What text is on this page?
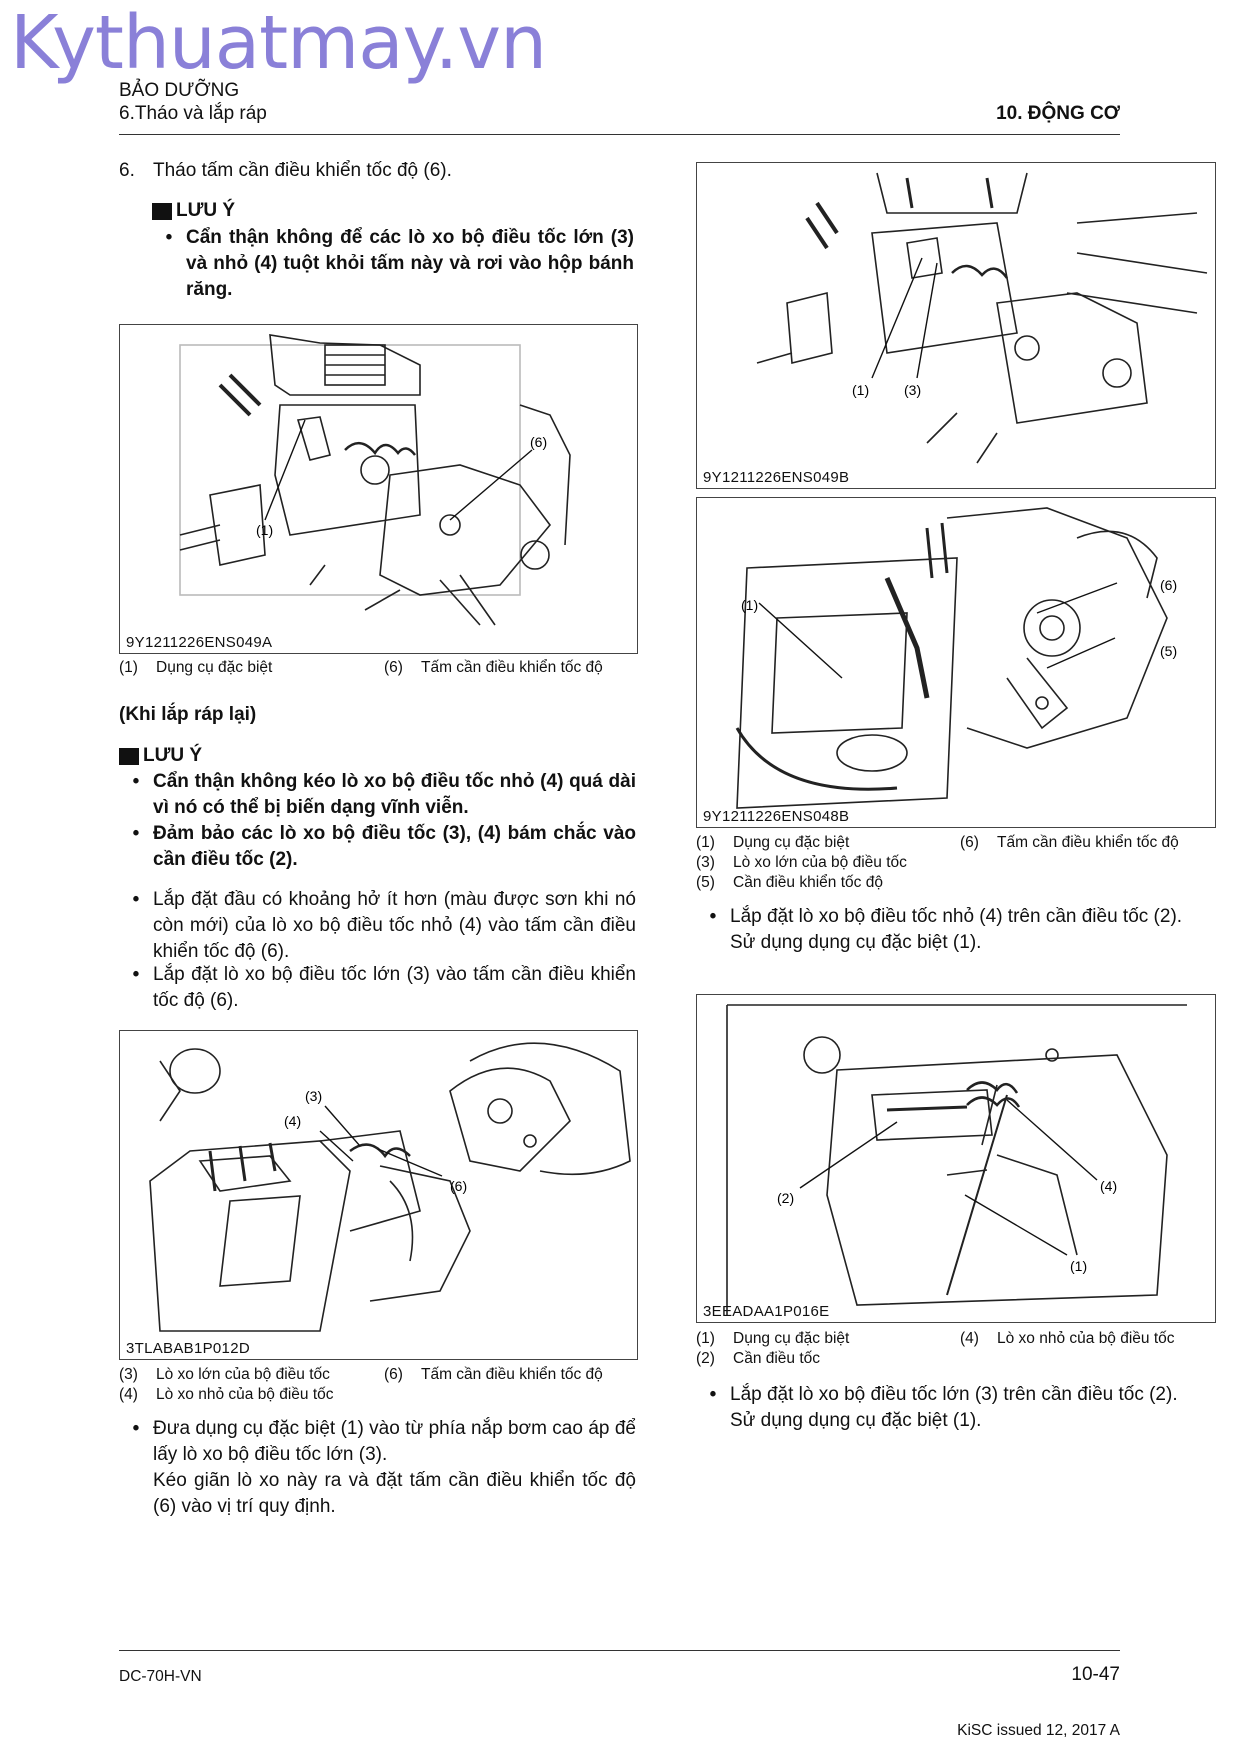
Kythuatmay.vn
BẢO DƯỠNG
6.Tháo và lắp ráp	10. ĐỘNG CƠ
6. Tháo tấm cần điều khiển tốc độ (6).
LƯU Ý
• Cẩn thận không để các lò xo bộ điều tốc lớn (3) và nhỏ (4) tuột khỏi tấm này và rơi vào hộp bánh răng.
(1)
(6)
9Y1211226ENS049A
(1) Dụng cụ đặc biệt	(6) Tấm cần điều khiển tốc độ
(Khi lắp ráp lại)
LƯU Ý
• Cẩn thận không kéo lò xo bộ điều tốc nhỏ (4) quá dài vì nó có thể bị biến dạng vĩnh viễn.
• Đảm bảo các lò xo bộ điều tốc (3), (4) bám chắc vào cần điều tốc (2).
• Lắp đặt đầu có khoảng hở ít hơn (màu được sơn khi nó còn mới) của lò xo bộ điều tốc nhỏ (4) vào tấm cần điều khiển tốc độ (6).
• Lắp đặt lò xo bộ điều tốc lớn (3) vào tấm cần điều khiển tốc độ (6).
(3)
(4)
(6)
3TLABAB1P012D
(3) Lò xo lớn của bộ điều tốc	(6) Tấm cần điều khiển tốc độ
(4) Lò xo nhỏ của bộ điều tốc
• Đưa dụng cụ đặc biệt (1) vào từ phía nắp bơm cao áp để lấy lò xo bộ điều tốc lớn (3).
Kéo giãn lò xo này ra và đặt tấm cần điều khiển tốc độ (6) vào vị trí quy định.
(1) (3)
9Y1211226ENS049B
(1)
(6)
(5)
9Y1211226ENS048B
(1) Dụng cụ đặc biệt	(6) Tấm cần điều khiển tốc độ
(3) Lò xo lớn của bộ điều tốc
(5) Cần điều khiển tốc độ
• Lắp đặt lò xo bộ điều tốc nhỏ (4) trên cần điều tốc (2).
Sử dụng dụng cụ đặc biệt (1).
(4)
(2)
(1)
3EEADAA1P016E
(1) Dụng cụ đặc biệt	(4) Lò xo nhỏ của bộ điều tốc
(2) Cần điều tốc
• Lắp đặt lò xo bộ điều tốc lớn (3) trên cần điều tốc (2).
Sử dụng dụng cụ đặc biệt (1).
DC-70H-VN	10-47
KiSC issued 12, 2017 A
